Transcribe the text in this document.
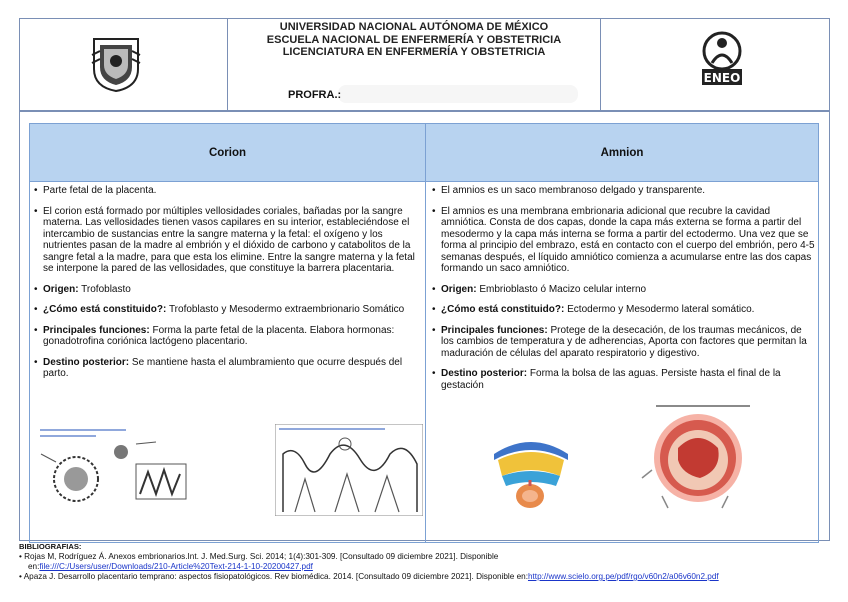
UNIVERSIDAD NACIONAL AUTÓNOMA DE MÉXICO
ESCUELA NACIONAL DE ENFERMERÍA Y OBSTETRICIA
LICENCIATURA EN ENFERMERÍA Y OBSTETRICIA
PROFRA.:
ENEO
Corion	Amnion

• Parte fetal de la placenta.

• El corion está formado por múltiples vellosidades coriales, bañadas por la sangre materna. Las vellosidades tienen vasos capilares en su interior, estableciéndose el intercambio de sustancias entre la sangre materna y la fetal: el oxígeno y los nutrientes pasan de la madre al embrión y el dióxido de carbono y catabolitos de la sangre fetal a la madre, para que esta los elimine. Entre la sangre materna y la fetal se interpone la pared de las vellosidades, que constituye la barrera placentaria.

• Origen: Trofoblasto

• ¿Cómo está constituido?: Trofoblasto y Mesodermo extraembrionario Somático

• Principales funciones: Forma la parte fetal de la placenta. Elabora hormonas: gonadotrofina coriónica lactógeno placentario.

• Destino posterior: Se mantiene hasta el alumbramiento que ocurre después del parto.

• El amnios es un saco membranoso delgado y transparente.

• El amnios es una membrana embrionaria adicional que recubre la cavidad amniótica. Consta de dos capas, donde la capa más externa se forma a partir del mesodermo y la capa más interna se forma a partir del ectodermo. Una vez que se forma al principio del embrazo, está en contacto con el cuerpo del embrión, pero 4-5 semanas después, el líquido amniótico comienza a acumularse entre las dos capas formando un saco amniótico.

• Origen: Embrioblasto ó Macizo celular interno

• ¿Cómo está constituido?: Ectodermo y Mesodermo lateral somático.

• Principales funciones: Protege de la desecación, de los traumas mecánicos, de los cambios de temperatura y de adherencias, Aporta con factores que permitan la maduración de células del aparato respiratorio y digestivo.

• Destino posterior: Forma la bolsa de las aguas. Persiste hasta el final de la gestación

BIBLIOGRAFIAS:
• Rojas M, Rodríguez Á. Anexos embrionarios.Int. J. Med.Surg. Sci. 2014; 1(4):301-309. [Consultado 09 diciembre 2021]. Disponible
en:file:///C:/Users/user/Downloads/210-Article%20Text-214-1-10-20200427.pdf
• Apaza J. Desarrollo placentario temprano: aspectos fisiopatológicos. Rev biomédica. 2014. [Consultado 09 diciembre 2021]. Disponible en:http://www.scielo.org.pe/pdf/rgo/v60n2/a06v60n2.pdf
